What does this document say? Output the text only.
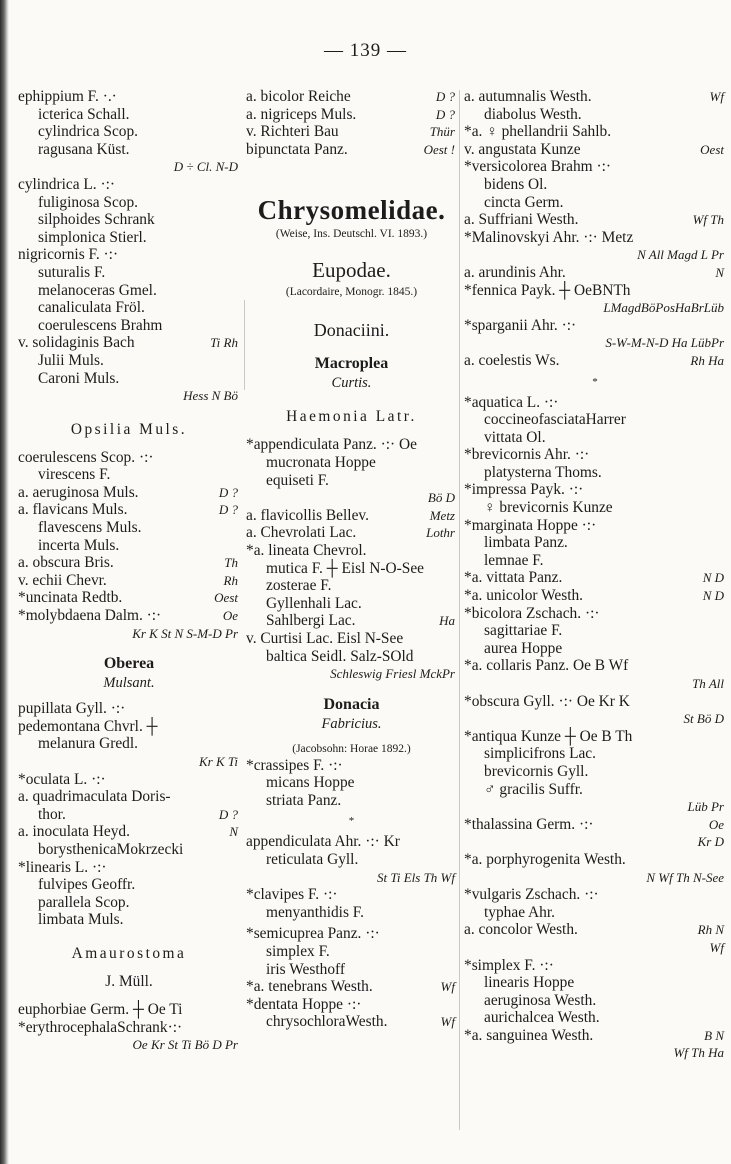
— 139 —
ephippium F. ·.·
icterica Schall.
cylindrica Scop.
ragusana Küst.
D ÷ Cl. N-D
cylindrica L. ·:·
fuliginosa Scop.
silphoides Schrank
simplonica Stierl.
nigricornis F. ·:·
suturalis F.
melanoceras Gmel.
canaliculata Fröl.
coerulescens Brahm
v. solidaginis Bach	Ti Rh
Julii Muls.
Caroni Muls.
Hess N Bö
Opsilia Muls.
coerulescens Scop. ·:·
virescens F.
a. aeruginosa Muls.	D ?
a. flavicans Muls.	D ?
flavescens Muls.
incerta Muls.
a. obscura Bris.	Th
v. echii Chevr.	Rh
*uncinata Redtb.	Oest
*molybdaena Dalm. ·:·	Oe
Kr K St N S-M-D Pr
Oberea
Mulsant.
pupillata Gyll. ·:·
pedemontana Chvrl. ┼
melanura Gredl.
Kr K Ti
*oculata L. ·:·
a. quadrimaculata Doris-
thor.	D ?
a. inoculata Heyd.	N
borysthenicaMokrzecki
*linearis L. ·:·
fulvipes Geoffr.
parallela Scop.
limbata Muls.
Amaurostoma
J. Müll.
euphorbiae Germ. ┼ Oe Ti
*erythrocephalaSchrank·:·
Oe Kr St Ti Bö D Pr
a. bicolor Reiche	D ?
a. nigriceps Muls.	D ?
v. Richteri Bau	Thür
bipunctata Panz.	Oest !
Chrysomelidae.
(Weise, Ins. Deutschl. VI. 1893.)
Eupodae.
(Lacordaire, Monogr. 1845.)
Donaciini.
Macroplea
Curtis.
Haemonia Latr.
*appendiculata Panz. ·:· Oe
mucronata Hoppe
equiseti F.
Bö D
a. flavicollis Bellev.	Metz
a. Chevrolati Lac.	Lothr
*a. lineata Chevrol.
mutica F. ┼ Eisl N-O-See
zosterae F.
Gyllenhali Lac.
Sahlbergi Lac.	Ha
v. Curtisi Lac. Eisl N-See
baltica Seidl. Salz-SOld
Schleswig Friesl MckPr
Donacia
Fabricius.
(Jacobsohn: Horae 1892.)
*crassipes F. ·:·
micans Hoppe
striata Panz.
*
appendiculata Ahr. ·:· Kr
reticulata Gyll.
St Ti Els Th Wf
*clavipes F. ·:·
menyanthidis F.
*semicuprea Panz. ·:·
simplex F.
iris Westhoff
*a. tenebrans Westh.	Wf
*dentata Hoppe ·:·
chrysochloraWesth.	Wf
a. autumnalis Westh.	Wf
diabolus Westh.
*a. ♀ phellandrii Sahlb.
v. angustata Kunze	Oest
*versicolorea Brahm ·:·
bidens Ol.
cincta Germ.
a. Suffriani Westh.	Wf Th
*Malinovskyi Ahr. ·:· Metz
N All Magd L Pr
a. arundinis Ahr.	N
*fennica Payk. ┼ OeBNTh
LMagdBöPosHaBrLüb
*sparganii Ahr. ·:·
S-W-M-N-D Ha LübPr
a. coelestis Ws.	Rh Ha
*
*aquatica L. ·:·
coccineofasciataHarrer
vittata Ol.
*brevicornis Ahr. ·:·
platysterna Thoms.
*impressa Payk. ·:·
♀ brevicornis Kunze
*marginata Hoppe ·:·
limbata Panz.
lemnae F.
*a. vittata Panz.	N D
*a. unicolor Westh.	N D
*bicolora Zschach. ·:·
sagittariae F.
aurea Hoppe
*a. collaris Panz. Oe B Wf
Th All
*obscura Gyll. ·:· Oe Kr K
St Bö D
*antiqua Kunze ┼ Oe B Th
simplicifrons Lac.
brevicornis Gyll.
♂ gracilis Suffr.
Lüb Pr
*thalassina Germ. ·:·	Oe
Kr D
*a. porphyrogenita Westh.
N Wf Th N-See
*vulgaris Zschach. ·:·
typhae Ahr.
a. concolor Westh.	Rh N
Wf
*simplex F. ·:·
linearis Hoppe
aeruginosa Westh.
aurichalcea Westh.
*a. sanguinea Westh.	B N
Wf Th Ha
